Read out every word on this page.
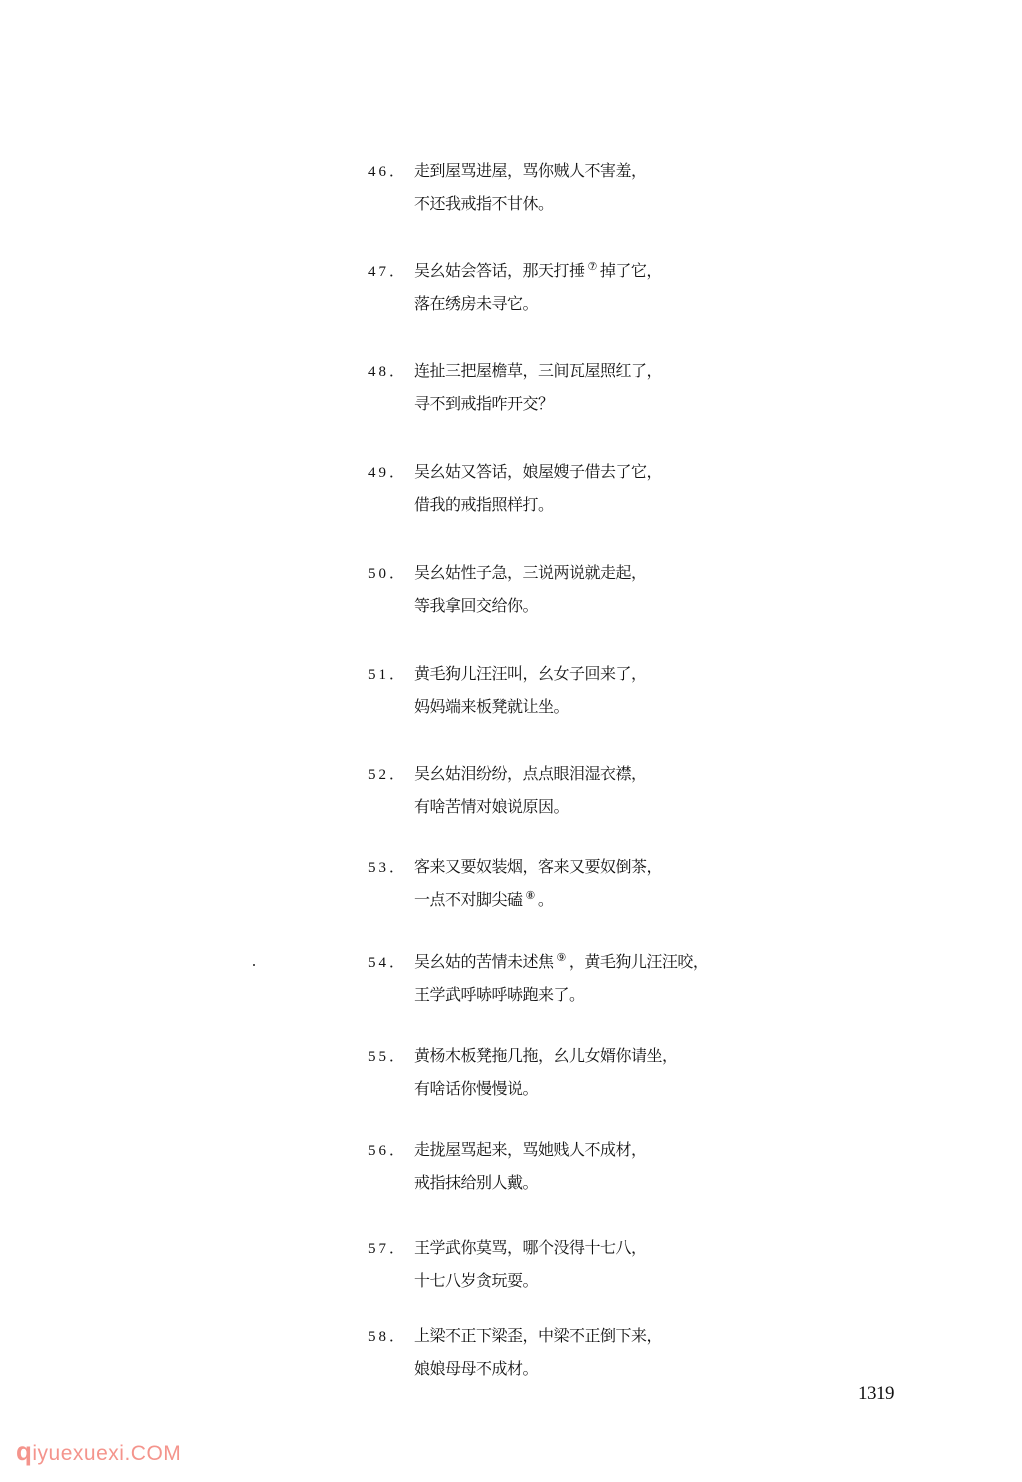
46． 走到屋骂进屋，骂你贼人不害羞，
不还我戒指不甘休。
47． 吴幺姑会答话，那天打捶 ⑦ 掉了它，
落在绣房未寻它。
48． 连扯三把屋檐草，三间瓦屋照红了，
寻不到戒指咋开交？
49． 吴幺姑又答话，娘屋嫂子借去了它，
借我的戒指照样打。
50． 吴幺姑性子急，三说两说就走起，
等我拿回交给你。
51． 黄毛狗儿汪汪叫，幺女子回来了，
妈妈端来板凳就让坐。
52． 吴幺姑泪纷纷，点点眼泪湿衣襟，
有啥苦情对娘说原因。
53． 客来又要奴装烟，客来又要奴倒茶，
一点不对脚尖磕 ⑧ 。
54． 吴幺姑的苦情未述焦 ⑨ ，黄毛狗儿汪汪咬，
王学武呼哧呼哧跑来了。
55． 黄杨木板凳拖几拖，幺儿女婿你请坐，
有啥话你慢慢说。
56． 走拢屋骂起来，骂她贱人不成材，
戒指抹给别人戴。
57． 王学武你莫骂，哪个没得十七八，
十七八岁贪玩耍。
58． 上梁不正下梁歪，中梁不正倒下来，
娘娘母母不成材。
1319
qiyuexuexi.COM
